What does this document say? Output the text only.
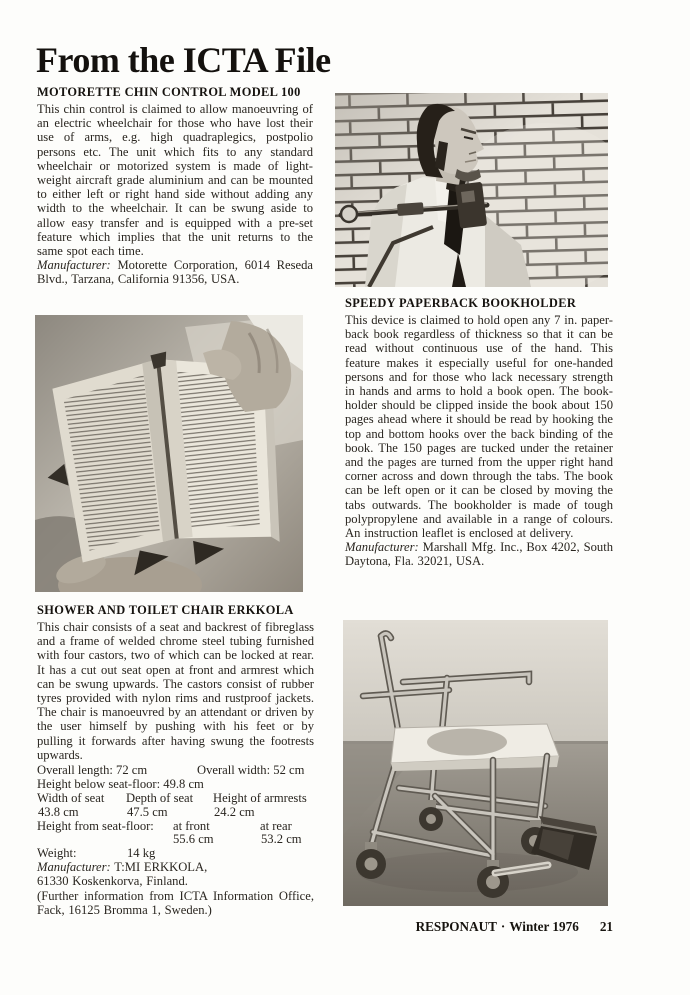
From the ICTA File
MOTORETTE CHIN CONTROL MODEL 100

This chin control is claimed to allow manoeuvring of an electric wheelchair for those who have lost their use of arms, e.g. high quadraplegics, postpolio persons etc. The unit which fits to any standard wheelchair or motorized system is made of light-weight aircraft grade aluminium and can be mounted to either left or right hand side without adding any width to the wheelchair. It can be swung aside to allow easy transfer and is equipped with a pre-set feature which implies that the unit returns to the same spot each time.

Manufacturer: Motorette Corporation, 6014 Reseda Blvd., Tarzana, California 91356, USA.

SPEEDY PAPERBACK BOOKHOLDER

This device is claimed to hold open any 7 in. paper-back book regardless of thickness so that it can be read without continuous use of the hand. This feature makes it especially useful for one-handed persons and for those who lack necessary strength in hands and arms to hold a book open. The book-holder should be clipped inside the book about 150 pages ahead where it should be read by hooking the top and bottom hooks over the back binding of the book. The 150 pages are tucked under the retainer and the pages are turned from the upper right hand corner across and down through the tabs. The book can be left open or it can be closed by moving the tabs outwards. The bookholder is made of tough polypropylene and available in a range of colours. An instruction leaflet is enclosed at delivery.

Manufacturer: Marshall Mfg. Inc., Box 4202, South Daytona, Fla. 32021, USA.

SHOWER AND TOILET CHAIR ERKKOLA

This chair consists of a seat and backrest of fibreglass and a frame of welded chrome steel tubing furnished with four castors, two of which can be locked at rear. It has a cut out seat open at front and armrest which can be swung upwards. The castors consist of rubber tyres provided with nylon rims and rustproof jackets. The chair is manoeuvred by an attendant or driven by the user himself by pushing with his feet or by pulling it forwards after having swung the footrests upwards.

Overall length: 72 cm	Overall width: 52 cm
Height below seat-floor: 49.8 cm
Width of seat Depth of seat Height of armrests
43.8 cm	47.5 cm	24.2 cm
Height from seat-floor: at front	at rear
55.6 cm	53.2 cm
Weight:	14 kg

Manufacturer: T:MI ERKKOLA,

61330 Koskenkorva, Finland.

(Further information from ICTA Information Office, Fack, 16125 Bromma 1, Sweden.)

RESPONAUT · Winter 1976 21
